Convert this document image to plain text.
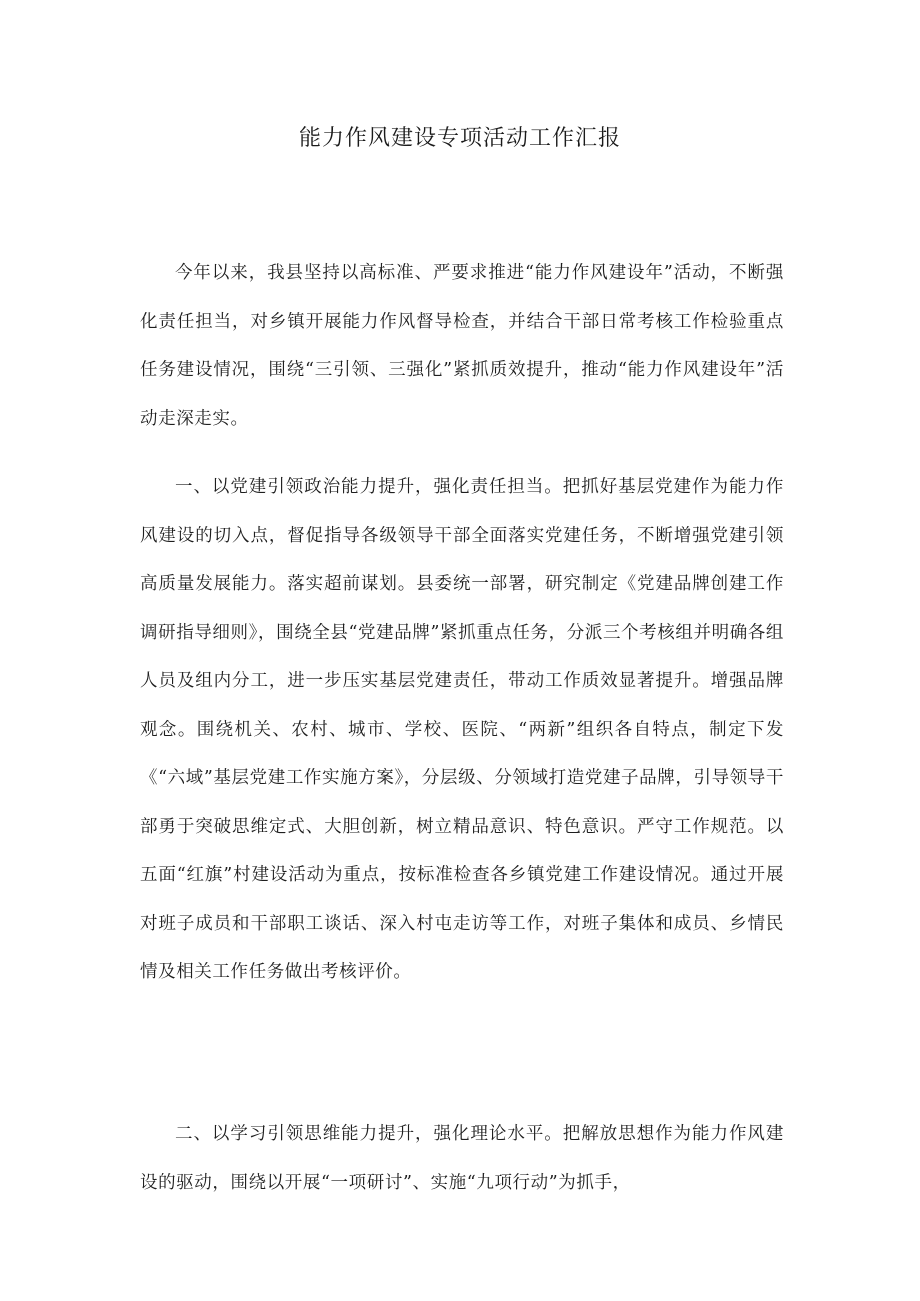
能力作风建设专项活动工作汇报

今年以来，我县坚持以高标准、严要求推进“能力作风建设年”活动，不断强化责任担当，对乡镇开展能力作风督导检查，并结合干部日常考核工作检验重点任务建设情况，围绕“三引领、三强化”紧抓质效提升，推动“能力作风建设年”活动走深走实。

一、以党建引领政治能力提升，强化责任担当。把抓好基层党建作为能力作风建设的切入点，督促指导各级领导干部全面落实党建任务，不断增强党建引领高质量发展能力。落实超前谋划。县委统一部署，研究制定《党建品牌创建工作调研指导细则》，围绕全县“党建品牌”紧抓重点任务，分派三个考核组并明确各组人员及组内分工，进一步压实基层党建责任，带动工作质效显著提升。增强品牌观念。围绕机关、农村、城市、学校、医院、“两新”组织各自特点，制定下发《“六域”基层党建工作实施方案》，分层级、分领域打造党建子品牌，引导领导干部勇于突破思维定式、大胆创新，树立精品意识、特色意识。严守工作规范。以五面“红旗”村建设活动为重点，按标准检查各乡镇党建工作建设情况。通过开展对班子成员和干部职工谈话、深入村屯走访等工作，对班子集体和成员、乡情民情及相关工作任务做出考核评价。

二、以学习引领思维能力提升，强化理论水平。把解放思想作为能力作风建设的驱动，围绕以开展“一项研讨”、实施“九项行动”为抓手，
